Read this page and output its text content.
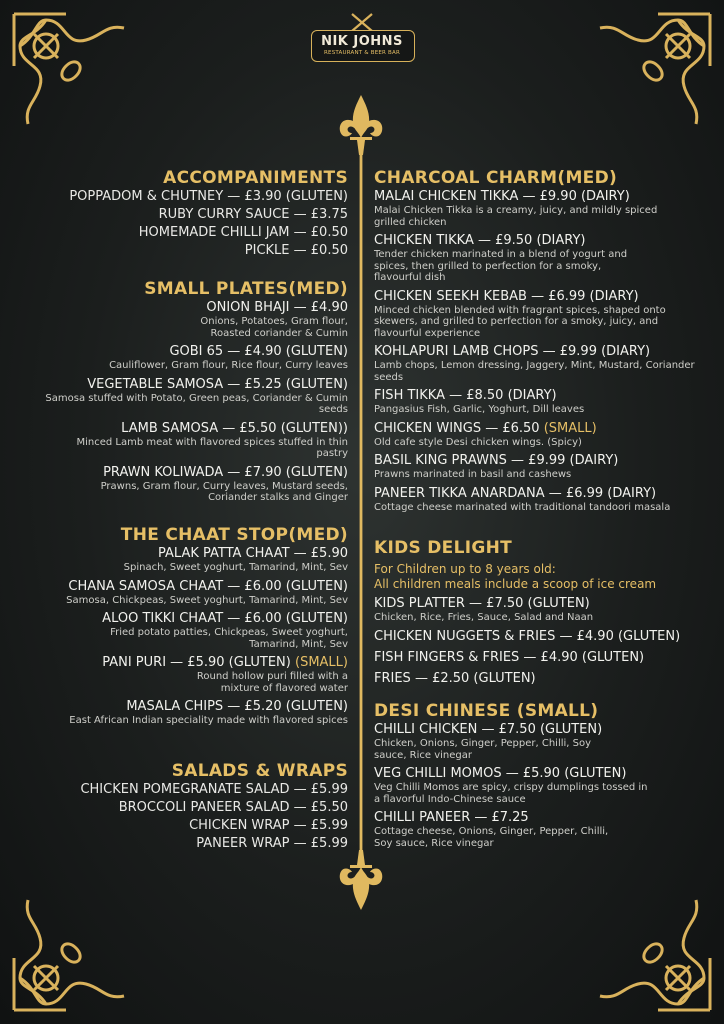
NIK JOHNS
RESTAURANT & BEER BAR
ACCOMPANIMENTS
POPPADOM & CHUTNEY — £3.90 (GLUTEN)
RUBY CURRY SAUCE — £3.75
HOMEMADE CHILLI JAM — £0.50
PICKLE — £0.50
SMALL PLATES(MED)
ONION BHAJI — £4.90
Onions, Potatoes, Gram flour, Roasted coriander & Cumin
GOBI 65 — £4.90 (GLUTEN)
Cauliflower, Gram flour, Rice flour, Curry leaves
VEGETABLE SAMOSA — £5.25 (GLUTEN)
Samosa stuffed with Potato, Green peas, Coriander & Cumin seeds
LAMB SAMOSA — £5.50 (GLUTEN))
Minced Lamb meat with flavored spices stuffed in thin pastry
PRAWN KOLIWADA — £7.90 (GLUTEN)
Prawns, Gram flour, Curry leaves, Mustard seeds, Coriander stalks and Ginger
THE CHAAT STOP(MED)
PALAK PATTA CHAAT — £5.90
Spinach, Sweet yoghurt, Tamarind, Mint, Sev
CHANA SAMOSA CHAAT — £6.00 (GLUTEN)
Samosa, Chickpeas, Sweet yoghurt, Tamarind, Mint, Sev
ALOO TIKKI CHAAT — £6.00 (GLUTEN)
Fried potato patties, Chickpeas, Sweet yoghurt, Tamarind, Mint, Sev
PANI PURI — £5.90 (GLUTEN) (SMALL)
Round hollow puri filled with a mixture of flavored water
MASALA CHIPS — £5.20 (GLUTEN)
East African Indian speciality made with flavored spices
SALADS & WRAPS
CHICKEN POMEGRANATE SALAD — £5.99
BROCCOLI PANEER SALAD — £5.50
CHICKEN WRAP — £5.99
PANEER WRAP — £5.99
CHARCOAL CHARM(MED)
MALAI CHICKEN TIKKA — £9.90 (DAIRY)
Malai Chicken Tikka is a creamy, juicy, and mildly spiced grilled chicken
CHICKEN TIKKA — £9.50 (DIARY)
Tender chicken marinated in a blend of yogurt and spices, then grilled to perfection for a smoky, flavourful dish
CHICKEN SEEKH KEBAB — £6.99 (DIARY)
Minced chicken blended with fragrant spices, shaped onto skewers, and grilled to perfection for a smoky, juicy, and flavourful experience
KOHLAPURI LAMB CHOPS — £9.99 (DIARY)
Lamb chops, Lemon dressing, Jaggery, Mint, Mustard, Coriander seeds
FISH TIKKA — £8.50 (DIARY)
Pangasius Fish, Garlic, Yoghurt, Dill leaves
CHICKEN WINGS — £6.50 (SMALL)
Old cafe style Desi chicken wings. (Spicy)
BASIL KING PRAWNS — £9.99 (DAIRY)
Prawns marinated in basil and cashews
PANEER TIKKA ANARDANA — £6.99 (DAIRY)
Cottage cheese marinated with traditional tandoori masala
KIDS DELIGHT
For Children up to 8 years old:
All children meals include a scoop of ice cream
KIDS PLATTER — £7.50 (GLUTEN)
Chicken, Rice, Fries, Sauce, Salad and Naan
CHICKEN NUGGETS & FRIES — £4.90 (GLUTEN)
FISH FINGERS & FRIES — £4.90 (GLUTEN)
FRIES — £2.50 (GLUTEN)
DESI CHINESE (SMALL)
CHILLI CHICKEN — £7.50 (GLUTEN)
Chicken, Onions, Ginger, Pepper, Chilli, Soy sauce, Rice vinegar
VEG CHILLI MOMOS — £5.90 (GLUTEN)
Veg Chilli Momos are spicy, crispy dumplings tossed in a flavorful Indo-Chinese sauce
CHILLI PANEER — £7.25
Cottage cheese, Onions, Ginger, Pepper, Chilli, Soy sauce, Rice vinegar
